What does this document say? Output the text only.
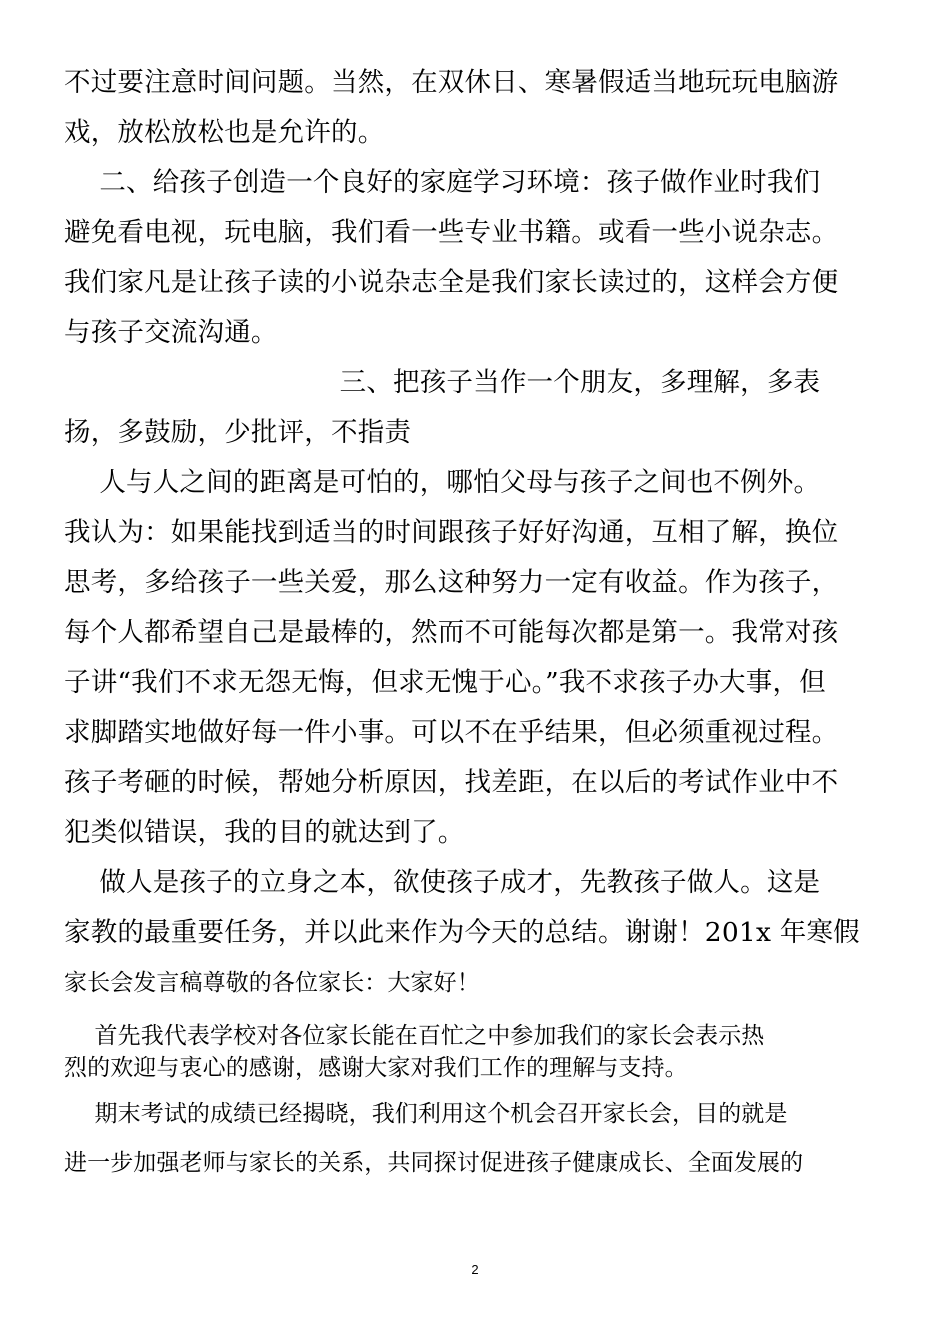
不过要注意时间问题。当然，在双休日、寒暑假适当地玩玩电脑游

戏，放松放松也是允许的。

　 二、给孩子创造一个良好的家庭学习环境：孩子做作业时我们

避免看电视，玩电脑，我们看一些专业书籍。或看一些小说杂志。

我们家凡是让孩子读的小说杂志全是我们家长读过的，这样会方便

与孩子交流沟通。

　　　　　　　　　　 三、把孩子当作一个朋友，多理解，多表

扬，多鼓励，少批评，不指责

　 人与人之间的距离是可怕的，哪怕父母与孩子之间也不例外。

我认为：如果能找到适当的时间跟孩子好好沟通，互相了解，换位

思考，多给孩子一些关爱，那么这种努力一定有收益。作为孩子，

每个人都希望自己是最棒的，然而不可能每次都是第一。我常对孩

子讲“我们不求无怨无悔，但求无愧于心。”我不求孩子办大事，但

求脚踏实地做好每一件小事。可以不在乎结果，但必须重视过程。

孩子考砸的时候，帮她分析原因，找差距，在以后的考试作业中不

犯类似错误，我的目的就达到了。

　 做人是孩子的立身之本，欲使孩子成才，先教孩子做人。这是

家教的最重要任务，并以此来作为今天的总结。谢谢！201x 年寒假

家长会发言稿尊敬的各位家长：大家好！

　 首先我代表学校对各位家长能在百忙之中参加我们的家长会表示热

烈的欢迎与衷心的感谢，感谢大家对我们工作的理解与支持。

　 期末考试的成绩已经揭晓，我们利用这个机会召开家长会，目的就是

进一步加强老师与家长的关系，共同探讨促进孩子健康成长、全面发展的

2
